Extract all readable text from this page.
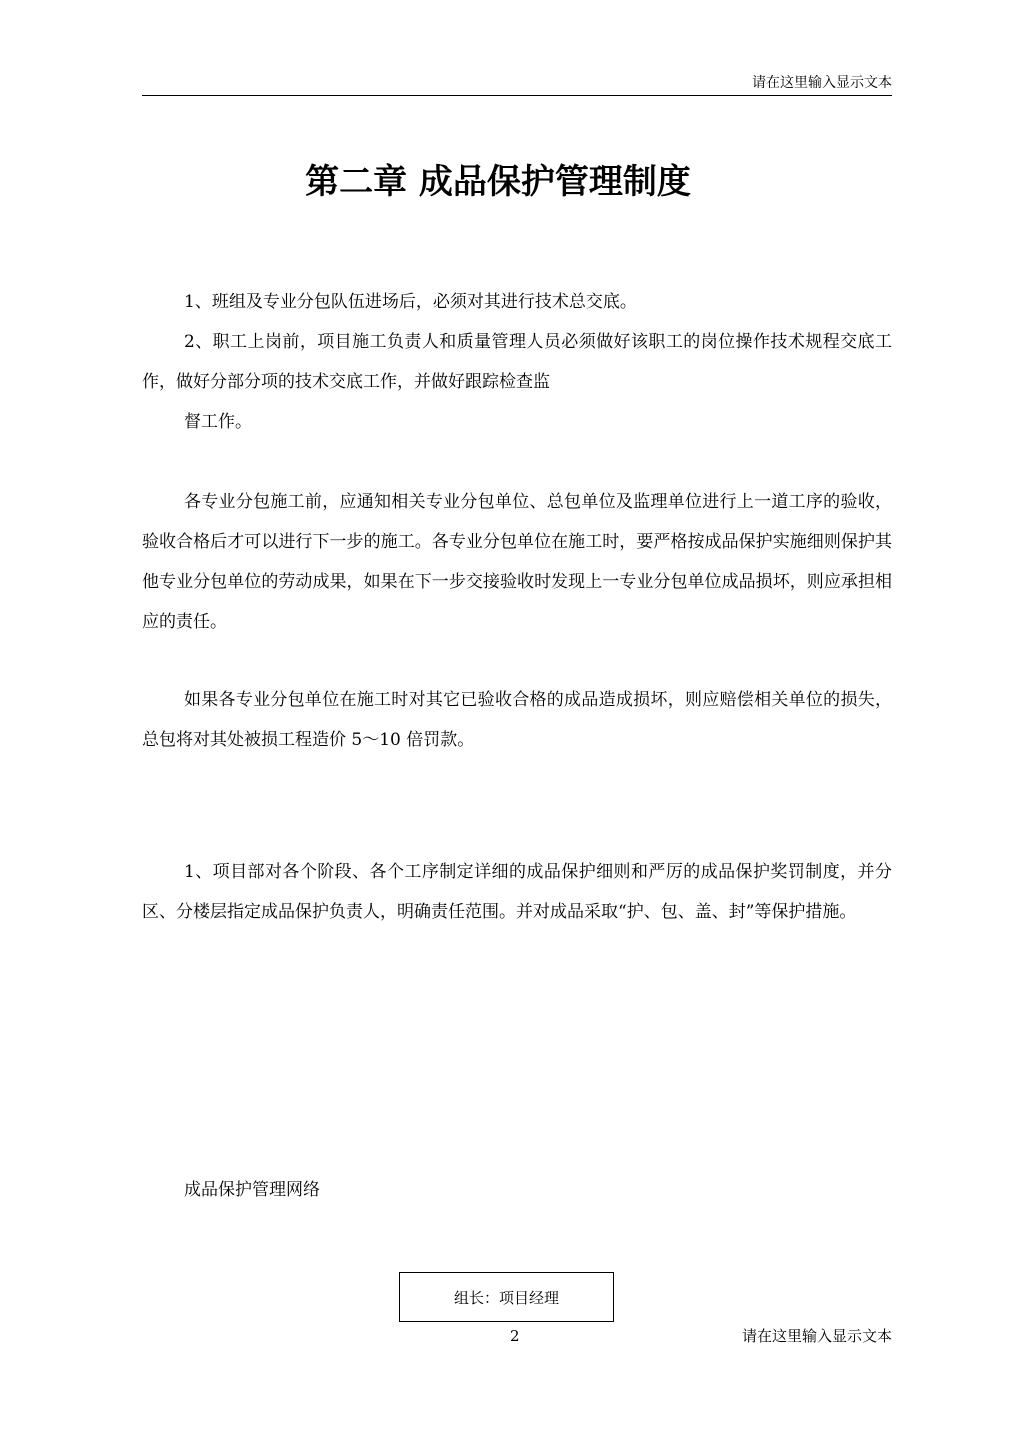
请在这里输入显示文本
第二章 成品保护管理制度

1、班组及专业分包队伍进场后，必须对其进行技术总交底。

2、职工上岗前，项目施工负责人和质量管理人员必须做好该职工的岗位操作技术规程交底工作，做好分部分项的技术交底工作，并做好跟踪检查监

督工作。

各专业分包施工前，应通知相关专业分包单位、总包单位及监理单位进行上一道工序的验收，验收合格后才可以进行下一步的施工。各专业分包单位在施工时，要严格按成品保护实施细则保护其他专业分包单位的劳动成果，如果在下一步交接验收时发现上一专业分包单位成品损坏，则应承担相应的责任。

如果各专业分包单位在施工时对其它已验收合格的成品造成损坏，则应赔偿相关单位的损失，总包将对其处被损工程造价 5～10 倍罚款。

1、项目部对各个阶段、各个工序制定详细的成品保护细则和严厉的成品保护奖罚制度，并分区、分楼层指定成品保护负责人，明确责任范围。并对成品采取“护、包、盖、封”等保护措施。

成品保护管理网络

组长：项目经理
2	请在这里输入显示文本
